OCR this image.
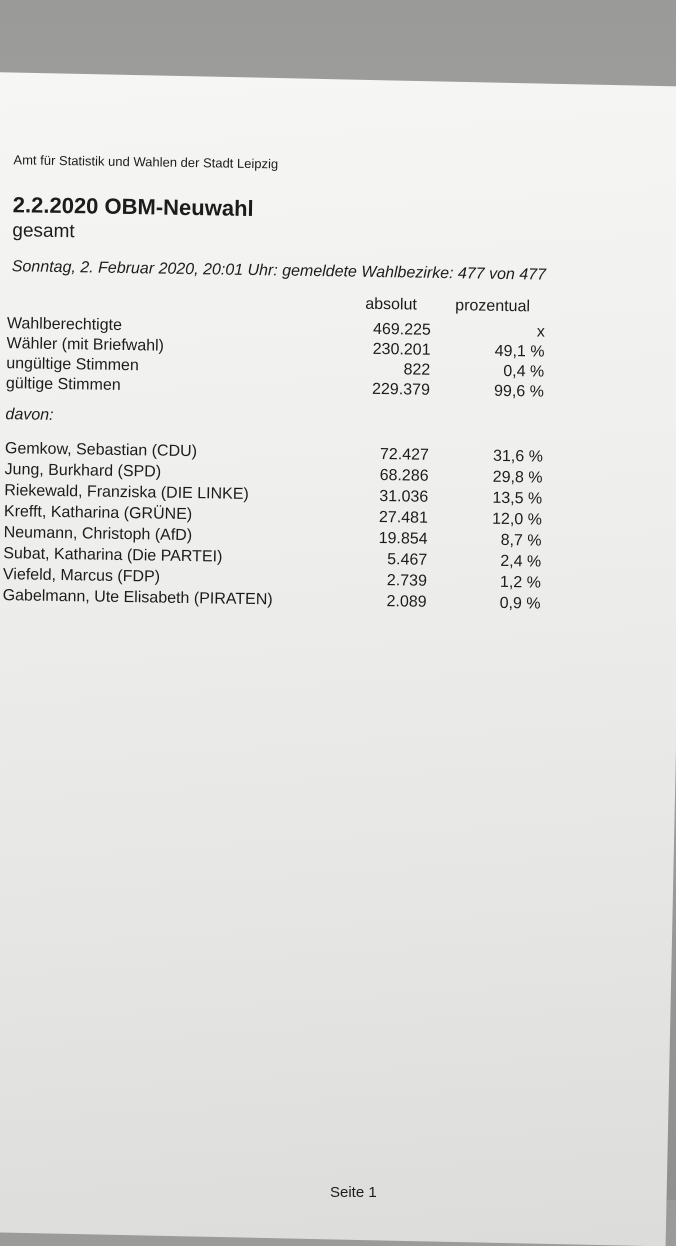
Amt für Statistik und Wahlen der Stadt Leipzig
2.2.2020 OBM-Neuwahl
gesamt
Sonntag, 2. Februar 2020, 20:01 Uhr: gemeldete Wahlbezirke: 477 von 477
absolut prozentual
Wahlberechtigte	469.225	x
Wähler (mit Briefwahl)	230.201	49,1 %
ungültige Stimmen	822	0,4 %
gültige Stimmen	229.379	99,6 %
davon:
Gemkow, Sebastian (CDU)	72.427	31,6 %
Jung, Burkhard (SPD)	68.286	29,8 %
Riekewald, Franziska (DIE LINKE)	31.036	13,5 %
Krefft, Katharina (GRÜNE)	27.481	12,0 %
Neumann, Christoph (AfD)	19.854	8,7 %
Subat, Katharina (Die PARTEI)	5.467	2,4 %
Viefeld, Marcus (FDP)	2.739	1,2 %
Gabelmann, Ute Elisabeth (PIRATEN)	2.089	0,9 %
Seite 1
